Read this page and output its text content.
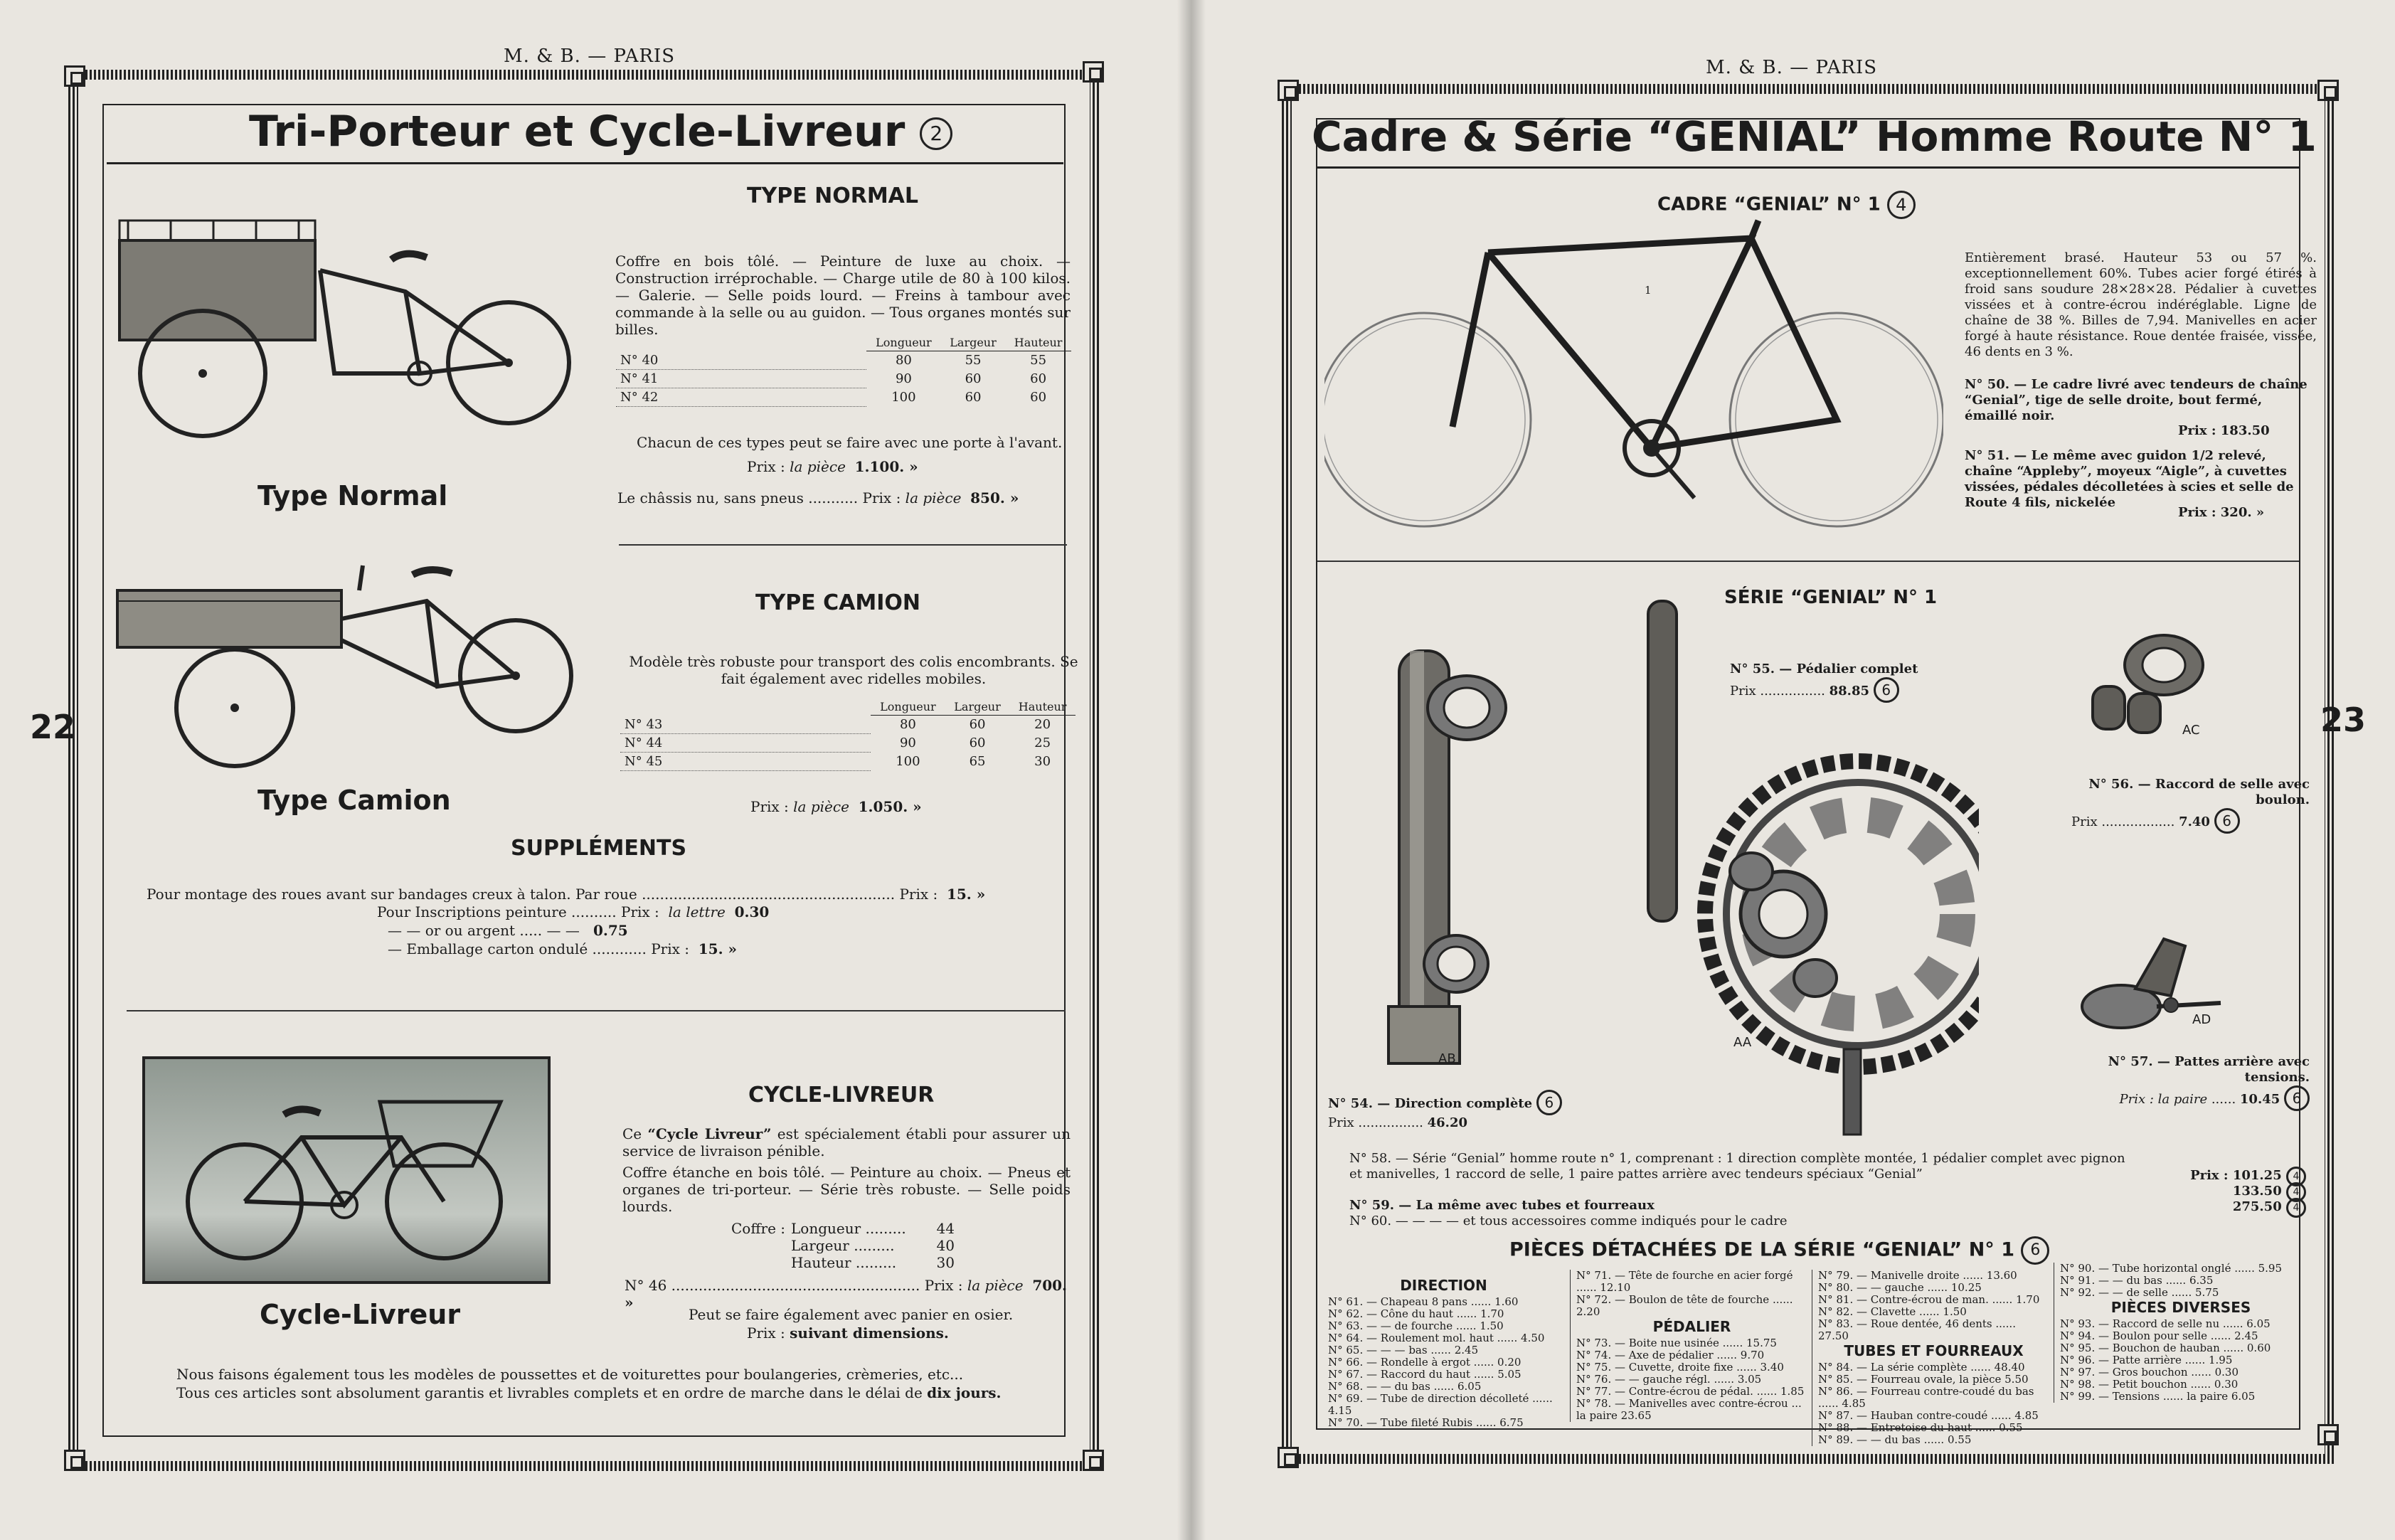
M. & B. — PARIS
22
Tri-Porteur et Cycle-Livreur 2
Type Normal
TYPE NORMAL
Coffre en bois tôlé. — Peinture de luxe au choix. — Construction irréprochable. — Charge utile de 80 à 100 kilos. — Galerie. — Selle poids lourd. — Freins à tambour avec commande à la selle ou au guidon. — Tous organes montés sur billes.
	Longueur	Largeur	Hauteur
N° 40	80	55	55
N° 41	90	60	60
N° 42	100	60	60
Chacun de ces types peut se faire avec une porte à l'avant.
Prix : la pièce 1.100. »
Le châssis nu, sans pneus ........... Prix : la pièce 850. »
Type Camion
TYPE CAMION
Modèle très robuste pour transport des colis encombrants. Se fait également avec ridelles mobiles.
	Longueur	Largeur	Hauteur
N° 43	80	60	20
N° 44	90	60	25
N° 45	100	65	30
Prix : la pièce 1.050. »
SUPPLÉMENTS
Pour montage des roues avant sur bandages creux à talon. Par roue ........................................................ Prix : 15. »
Pour Inscriptions peinture .......... Prix : la lettre 0.30
— — or ou argent ..... — —   0.75
— Emballage carton ondulé ............ Prix : 15. »
Cycle-Livreur
CYCLE-LIVREUR
Ce “Cycle Livreur” est spécialement établi pour assurer un service de livraison pénible.
Coffre étanche en bois tôlé. — Peinture au choix. — Pneus et organes de tri-porteur. — Série très robuste. — Selle poids lourds.
Coffre : Longueur ......... 44
Largeur .........	40
Hauteur .........	30
N° 46 ....................................................... Prix : la pièce 700. »
Peut se faire également avec panier en osier.
Prix : suivant dimensions.
Nous faisons également tous les modèles de poussettes et de voiturettes pour boulangeries, crèmeries, etc...
Tous ces articles sont absolument garantis et livrables complets et en ordre de marche dans le délai de dix jours.
M. & B. — PARIS
23
Cadre & Série “GENIAL” Homme Route N° 1
CADRE “GENIAL” N° 1 4
1
Entièrement brasé. Hauteur 53 ou 57 %. exceptionnellement 60%. Tubes acier forgé étirés à froid sans soudure 28×28×28. Pédalier à cuvettes vissées et à contre-écrou indéréglable. Ligne de chaîne de 38 %. Billes de 7,94. Manivelles en acier forgé à haute résistance. Roue dentée fraisée, vissée, 46 dents en 3 %.
N° 50. — Le cadre livré avec tendeurs de chaîne “Genial”, tige de selle droite, bout fermé, émaillé noir.
Prix : 183.50
N° 51. — Le même avec guidon 1/2 relevé, chaîne “Appleby”, moyeux “Aigle”, à cuvettes vissées, pédales décolletées à scies et selle de Route 4 fils, nickelée
Prix : 320. »
SÉRIE “GENIAL” N° 1
AB
AA
N° 55. — Pédalier complet
Prix ................ 88.85 6
AC
N° 56. — Raccord de selle avec boulon.
Prix .................. 7.40 6
AD
N° 57. — Pattes arrière avec tensions.
Prix : la paire ...... 10.45 6
N° 54. — Direction complète 6
Prix ................ 46.20
N° 58. — Série “Genial” homme route n° 1, comprenant : 1 direction complète montée, 1 pédalier complet avec pignon et manivelles, 1 raccord de selle, 1 paire pattes arrière avec tendeurs spéciaux “Genial”	Prix : 101.25 4
N° 59. — La même avec tubes et fourreaux
133.50 4
N° 60. — — — — et tous accessoires comme indiqués pour le cadre
275.50 4
PIÈCES DÉTACHÉES DE LA SÉRIE “GENIAL” N° 1 6
DIRECTION
N° 61. — Chapeau 8 pans ...... 1.60
N° 62. — Cône du haut ...... 1.70
N° 63. — — de fourche ...... 1.50
N° 64. — Roulement mol. haut ...... 4.50
N° 65. — — — bas ...... 2.45
N° 66. — Rondelle à ergot ...... 0.20
N° 67. — Raccord du haut ...... 5.05
N° 68. — — du bas ...... 6.05
N° 69. — Tube de direction décolleté ...... 4.15
N° 70. — Tube fileté Rubis ...... 6.75
N° 71. — Tête de fourche en acier forgé ...... 12.10
N° 72. — Boulon de tête de fourche ...... 2.20
PÉDALIER
N° 73. — Boite nue usinée ...... 15.75
N° 74. — Axe de pédalier ...... 9.70
N° 75. — Cuvette, droite fixe ...... 3.40
N° 76. — — gauche régl. ...... 3.05
N° 77. — Contre-écrou de pédal. ...... 1.85
N° 78. — Manivelles avec contre-écrou ... la paire 23.65
N° 79. — Manivelle droite ...... 13.60
N° 80. — — gauche ...... 10.25
N° 81. — Contre-écrou de man. ...... 1.70
N° 82. — Clavette ...... 1.50
N° 83. — Roue dentée, 46 dents ...... 27.50
TUBES ET FOURREAUX
N° 84. — La série complète ...... 48.40
N° 85. — Fourreau ovale, la pièce 5.50
N° 86. — Fourreau contre-coudé du bas ...... 4.85
N° 87. — Hauban contre-coudé ...... 4.85
N° 88. — Entretoise du haut ...... 0.55
N° 89. — — du bas ...... 0.55
N° 90. — Tube horizontal onglé ...... 5.95
N° 91. — — du bas ...... 6.35
N° 92. — — de selle ...... 5.75
PIÈCES DIVERSES
N° 93. — Raccord de selle nu ...... 6.05
N° 94. — Boulon pour selle ...... 2.45
N° 95. — Bouchon de hauban ...... 0.60
N° 96. — Patte arrière ...... 1.95
N° 97. — Gros bouchon ...... 0.30
N° 98. — Petit bouchon ...... 0.30
N° 99. — Tensions ...... la paire 6.05
